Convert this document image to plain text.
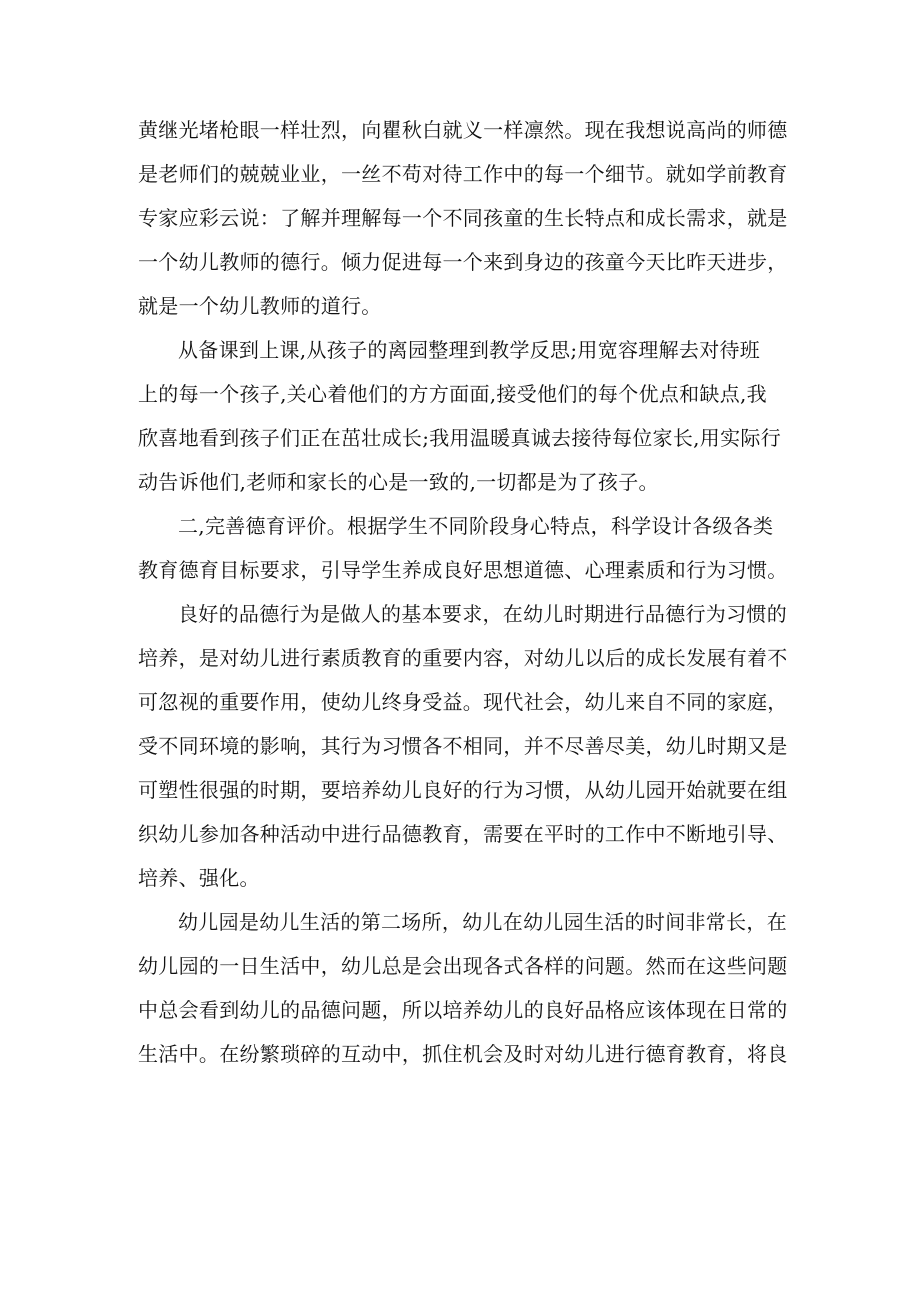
黄继光堵枪眼一样壮烈，向瞿秋白就义一样凛然。现在我想说高尚的师德
是老师们的兢兢业业，一丝不苟对待工作中的每一个细节。就如学前教育
专家应彩云说：了解并理解每一个不同孩童的生长特点和成长需求，就是
一个幼儿教师的德行。倾力促进每一个来到身边的孩童今天比昨天进步，
就是一个幼儿教师的道行。
从备课到上课,从孩子的离园整理到教学反思;用宽容理解去对待班
上的每一个孩子,关心着他们的方方面面,接受他们的每个优点和缺点,我
欣喜地看到孩子们正在茁壮成长;我用温暖真诚去接待每位家长,用实际行
动告诉他们,老师和家长的心是一致的,一切都是为了孩子。
二,完善德育评价。根据学生不同阶段身心特点，科学设计各级各类
教育德育目标要求，引导学生养成良好思想道德、心理素质和行为习惯。
良好的品德行为是做人的基本要求，在幼儿时期进行品德行为习惯的
培养，是对幼儿进行素质教育的重要内容，对幼儿以后的成长发展有着不
可忽视的重要作用，使幼儿终身受益。现代社会，幼儿来自不同的家庭，
受不同环境的影响，其行为习惯各不相同，并不尽善尽美，幼儿时期又是
可塑性很强的时期，要培养幼儿良好的行为习惯，从幼儿园开始就要在组
织幼儿参加各种活动中进行品德教育，需要在平时的工作中不断地引导、
培养、强化。
幼儿园是幼儿生活的第二场所，幼儿在幼儿园生活的时间非常长，在
幼儿园的一日生活中，幼儿总是会出现各式各样的问题。然而在这些问题
中总会看到幼儿的品德问题，所以培养幼儿的良好品格应该体现在日常的
生活中。在纷繁琐碎的互动中，抓住机会及时对幼儿进行德育教育，将良
